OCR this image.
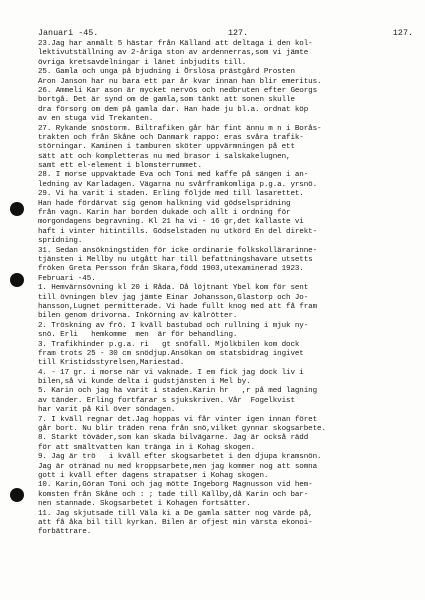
Januari -45.	127.	127.
23.Jag har anmält 5 hästar från Källand att deltaga i den kol-
lektivutställning av 2-åriga ston av ardennerras,som vi jämte
övriga kretsavdelningar i länet inbjudits till.
25. Gamla och unga på bjudning i Örslösa prästgård Prosten
Aron Janson har nu bara ett par år kvar innan han blir emeritus.
26. Ammeli Kar ason är mycket nervös och nedbruten efter Georgs
bortgå. Det är synd om de gamla,som tänkt att sonen skulle
dra försorg om dem på gamla dar. Han hade ju bl.a. ordnat köp
av en stuga vid Trekanten.
27. Rykande snöstorm. Biltrafiken går här fint ännu m n i Borås-
trakten och från Skåne och Danmark rappo: eras svåra trafik-
störningar. Kaminen i tamburen sköter uppvärmningen på ett
sätt att och kompletteras nu med brasor i salskakelugnen,
samt ett el-element i blomsterrummet.
28. I morse uppvaktade Eva och Toni med kaffe på sängen i an-
ledning av Karladagen. Vägarna nu svårframkomliga p.g.a. yrsnö.
29. Vi ha varit i staden. Erling följde med till lasarettet.
Han hade fördärvat sig genom halkning vid gödselspridning
från vagn. Karin har borden dukade och allt i ordning för
morgondagens begravning. Kl 21 ha vi - 16 gr,det kallaste vi
haft i vinter hitintills. Gödselstaden nu utkörd En del direkt-
spridning.
31. Sedan ansökningstiden för icke ordinarie folkskollärarinne-
tjänsten i Mellby nu utgått har till befattningshavare utsetts
fröken Greta Persson från Skara,född 1903,utexaminerad 1923.
Februari -45.
1. Hemvärnsövning kl 20 i Råda. Då löjtnant Ybel kom för sent
till övningen blev jag jämte Einar Johansson,Glastorp och Jo-
hansson,Lugnet permitterade. Vi hade fullt knog med att få fram
bilen genom drivorna. Inkörning av kälrötter.
2. Tröskning av frö. I kväll bastubad och rullning i mjuk ny-
snö. Erli   hemkomme  men  är för behandling.
3. Trafikhinder p.g.a. ri   gt snöfall. Mjölkbilen kom dock
fram trots 25 - 30 cm snödjup.Ansökan om statsbidrag ingivet
till Kristidsstyrelsen,Mariestad.
4. - 17 gr. i morse när vi vaknade. I em fick jag dock liv i
bilen,så vi kunde delta i gudstjänsten i Mel by.
5. Karin och jag ha varit i staden.Karin hr   ,r på med lagning
av tänder. Erling fortfarar s sjukskriven. Vår  Fogelkvist
har varit på Kil över söndagen.
7. I kväll regnar det.Jag hoppas vi får vinter igen innan föret
går bort. Nu blir träden rena från snö,vilket gynnar skogsarbete.
8. Starkt töväder,som kan skada bilvägarne. Jag är också rädd
för att smältvatten kan tränga in i Kohag skogen.
9. Jag är trö   i kväll efter skogsarbetet i den djupa kramsnön.
Jag är otränad nu med kroppsarbete,men jag kommer nog att somna
gott i kväll efter dagens strapatser i Kohag skogen.
10. Karin,Göran Toni och jag mötte Ingeborg Magnusson vid hem-
komsten från Skåne och : ; tade till Källby,då Karin och bar-
nen stannade. Skogsarbetet i Kohagen fortsätter.
11. Jag skjutsade till Väla ki a De gamla sätter nog värde på,
att få åka bil till kyrkan. Bilen är ofjest min värsta ekonoi-
forbättrare.
